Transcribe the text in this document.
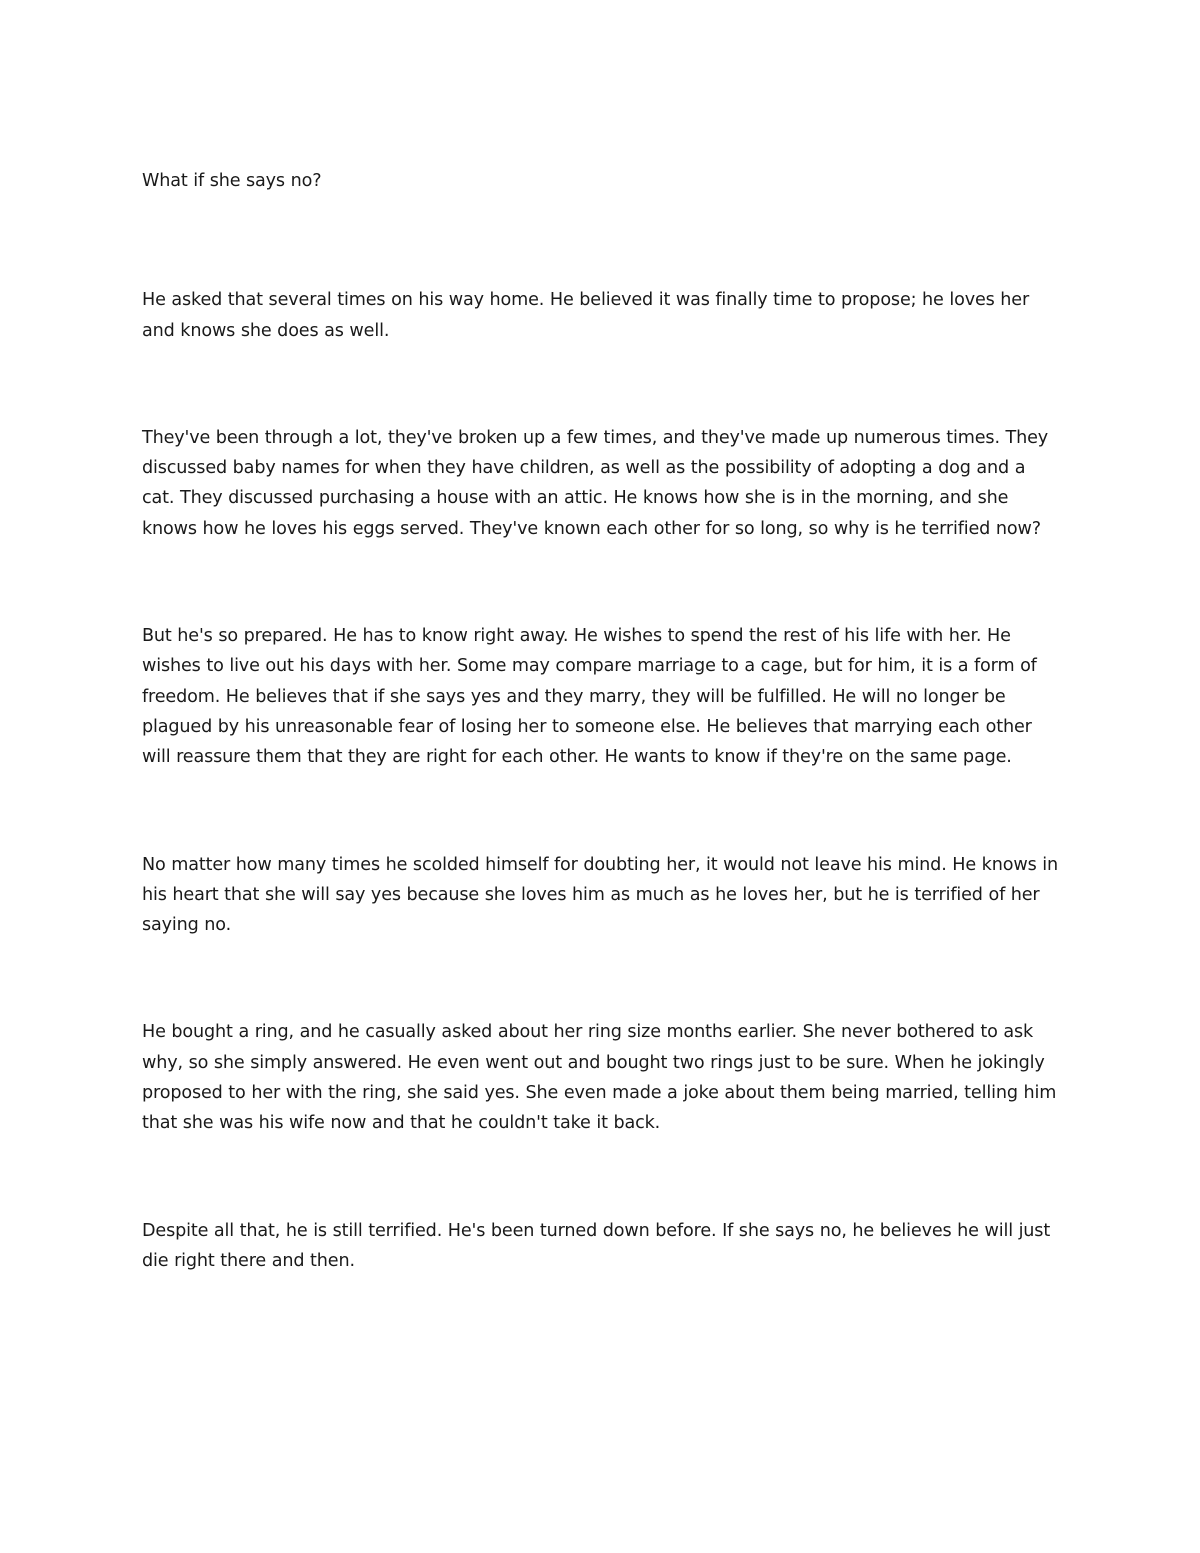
What if she says no?

He asked that several times on his way home. He believed it was finally time to propose; he loves her and knows she does as well.

They've been through a lot, they've broken up a few times, and they've made up numerous times. They discussed baby names for when they have children, as well as the possibility of adopting a dog and a cat. They discussed purchasing a house with an attic. He knows how she is in the morning, and she knows how he loves his eggs served. They've known each other for so long, so why is he terrified now?

But he's so prepared. He has to know right away. He wishes to spend the rest of his life with her. He wishes to live out his days with her. Some may compare marriage to a cage, but for him, it is a form of freedom. He believes that if she says yes and they marry, they will be fulfilled. He will no longer be plagued by his unreasonable fear of losing her to someone else. He believes that marrying each other will reassure them that they are right for each other. He wants to know if they're on the same page.

No matter how many times he scolded himself for doubting her, it would not leave his mind. He knows in his heart that she will say yes because she loves him as much as he loves her, but he is terrified of her saying no.

He bought a ring, and he casually asked about her ring size months earlier. She never bothered to ask why, so she simply answered. He even went out and bought two rings just to be sure. When he jokingly proposed to her with the ring, she said yes. She even made a joke about them being married, telling him that she was his wife now and that he couldn't take it back.

Despite all that, he is still terrified. He's been turned down before. If she says no, he believes he will just die right there and then.
